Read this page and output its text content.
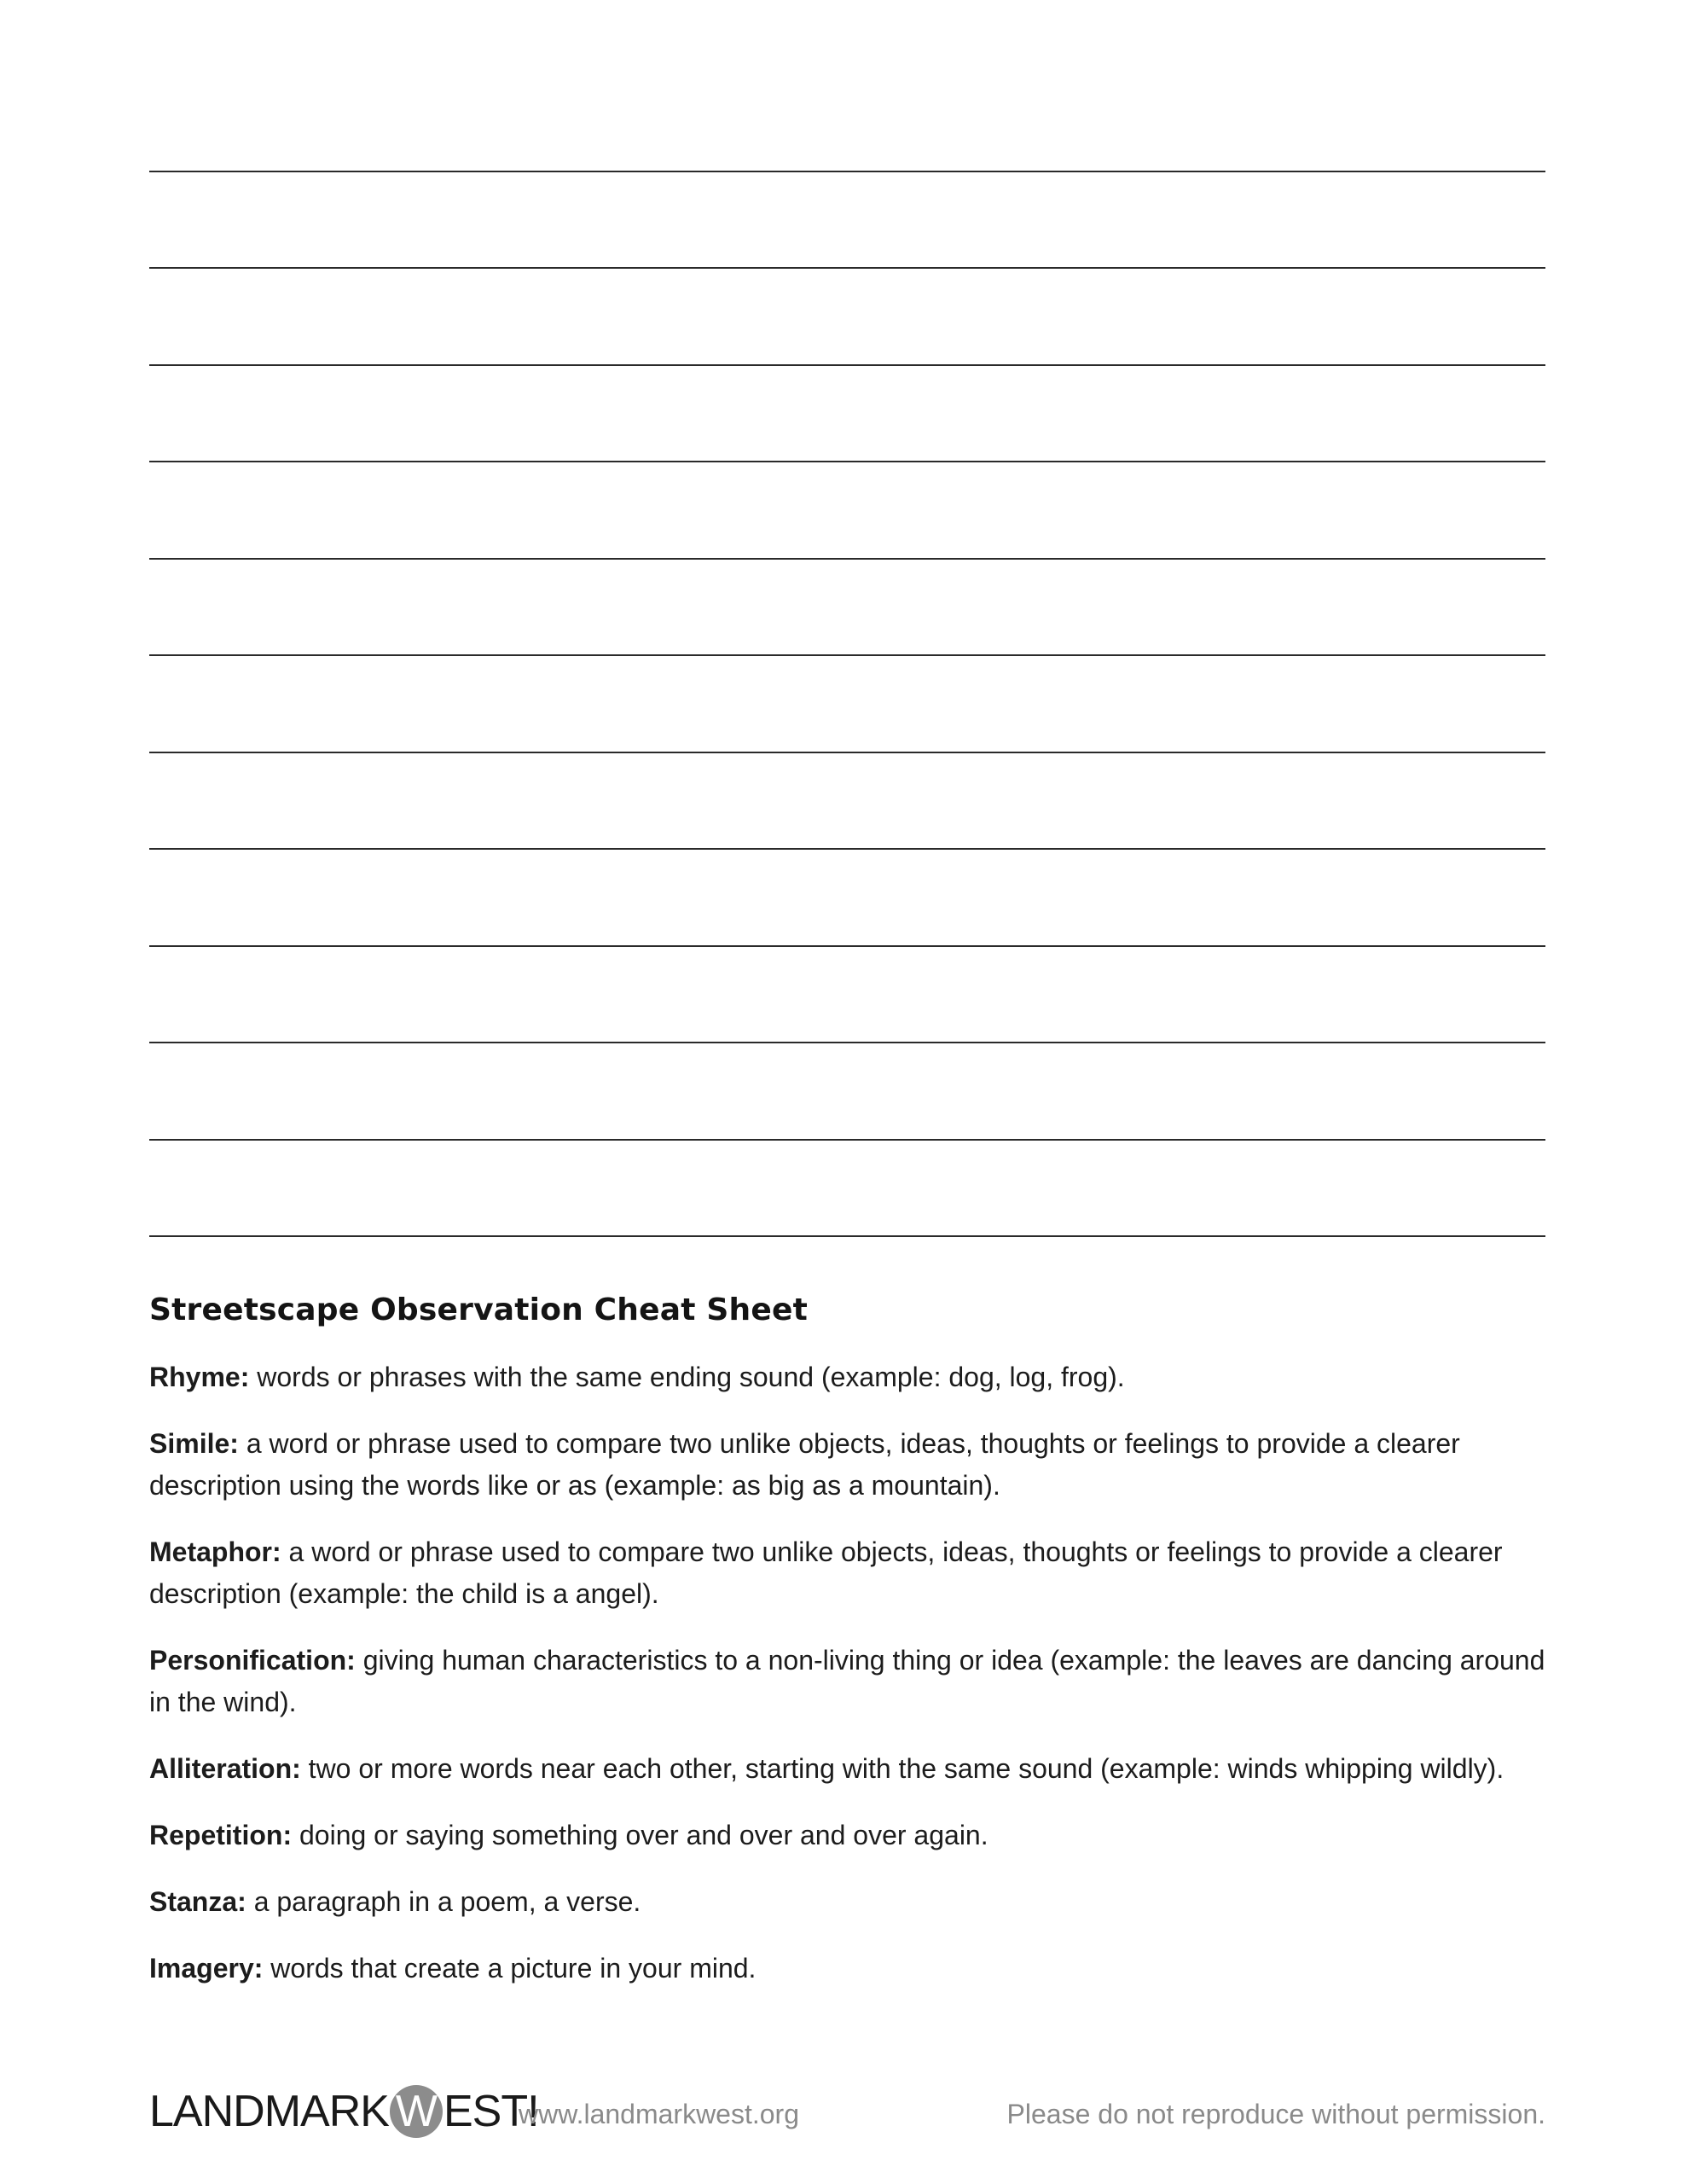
Streetscape Observation Cheat Sheet

Rhyme: words or phrases with the same ending sound (example: dog, log, frog).

Simile: a word or phrase used to compare two unlike objects, ideas, thoughts or feelings to provide a clearer description using the words like or as (example: as big as a mountain).

Metaphor: a word or phrase used to compare two unlike objects, ideas, thoughts or feelings to provide a clearer description (example: the child is a angel).

Personification: giving human characteristics to a non-living thing or idea (example: the leaves are dancing around in the wind).

Alliteration: two or more words near each other, starting with the same sound (example: winds whipping wildly).

Repetition: doing or saying something over and over and over again.

Stanza: a paragraph in a poem, a verse.

Imagery: words that create a picture in your mind.

LANDMARK W EST!
www.landmarkwest.org	Please do not reproduce without permission.
